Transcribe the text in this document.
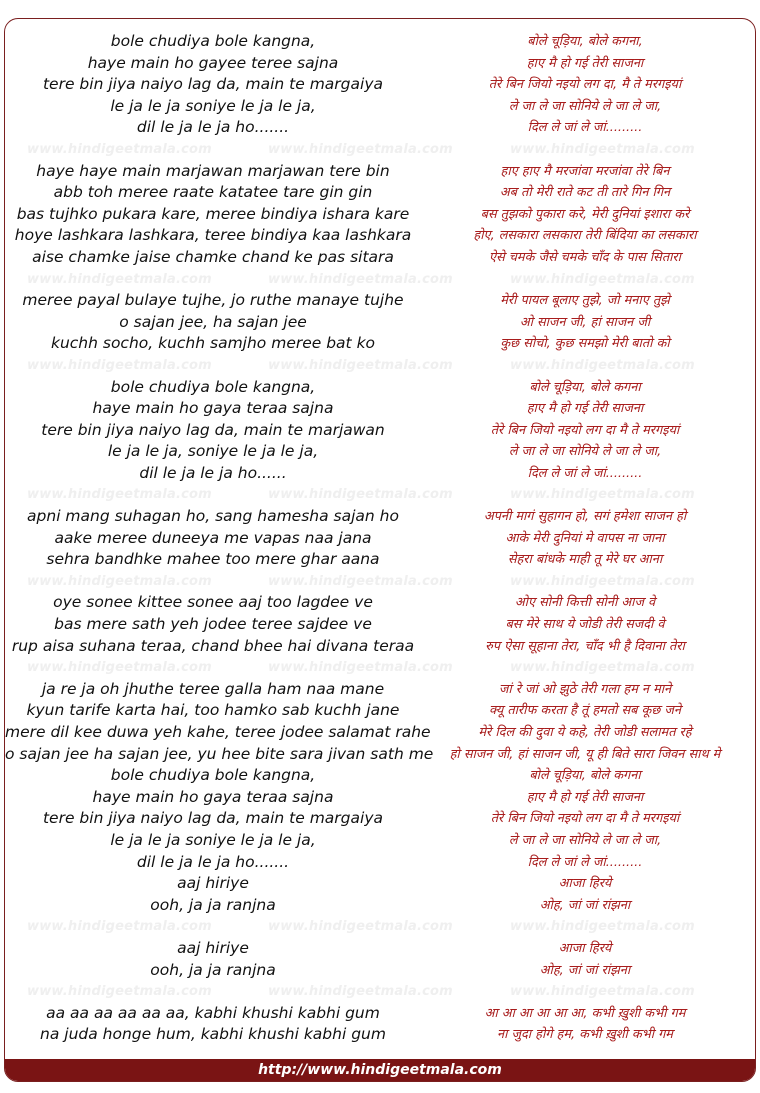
bole chudiya bole kangna,	बोले चूड़िया, बोले कगना,
haye main ho gayee teree sajna	हाए मै हो गई तेरी साजना
tere bin jiya naiyo lag da, main te margaiya	तेरे बिन जियो नइयो लग दा, मै ते मरगइयां
le ja le ja soniye le ja le ja,	ले जा ले जा सोनिये ले जा ले जा,
dil le ja le ja ho.......	दिल ले जां ले जां.........
www.hindigeetmala.com	www.hindigeetmala.com	www.hindigeetmala.com
haye haye main marjawan marjawan tere bin	हाए हाए मै मरजांवा मरजांवा तेरे बिन
abb toh meree raate katatee tare gin gin	अब तो मेरी राते कट ती तारे गिन गिन
bas tujhko pukara kare, meree bindiya ishara kare	बस तुझको पुकारा करे, मेरी दुनियां इशारा करे
hoye lashkara lashkara, teree bindiya kaa lashkara	होए, लसकारा लसकारा तेरी बिंदिया का लसकारा
aise chamke jaise chamke chand ke pas sitara	ऐसे चमके जैसे चमके चाँद के पास सितारा
www.hindigeetmala.com	www.hindigeetmala.com	www.hindigeetmala.com
meree payal bulaye tujhe, jo ruthe manaye tujhe	मेरी पायल बूलाए तुझे, जो मनाए तुझे
o sajan jee, ha sajan jee	ओ साजन जी, हां साजन जी
kuchh socho, kuchh samjho meree bat ko	कुछ सोचो, कुछ समझो मेरी बातो को
www.hindigeetmala.com	www.hindigeetmala.com	www.hindigeetmala.com
bole chudiya bole kangna,	बोले चूड़िया, बोले कगना
haye main ho gaya teraa sajna	हाए मै हो गई तेरी साजना
tere bin jiya naiyo lag da, main te marjawan	तेरे बिन जियो नइयो लग दा मै ते मरगइयां
le ja le ja, soniye le ja le ja,	ले जा ले जा सोनिये ले जा ले जा,
dil le ja le ja ho......	दिल ले जां ले जां.........
www.hindigeetmala.com	www.hindigeetmala.com	www.hindigeetmala.com
apni mang suhagan ho, sang hamesha sajan ho	अपनी मागं सुहागन हो, सगं हमेशा साजन हो
aake meree duneeya me vapas naa jana	आके मेरी दुनियां मे वापस ना जाना
sehra bandhke mahee too mere ghar aana	सेहरा बांधके माही तू मेरे घर आना
www.hindigeetmala.com	www.hindigeetmala.com	www.hindigeetmala.com
oye sonee kittee sonee aaj too lagdee ve	ओए सोनी कित्ती सोनी आज वे
bas mere sath yeh jodee teree sajdee ve	बस मेरे साथ ये जोडी तेरी सजदी वे
rup aisa suhana teraa, chand bhee hai divana teraa	रुप ऐसा सूहाना तेरा, चाँद भी है दिवाना तेरा
www.hindigeetmala.com	www.hindigeetmala.com	www.hindigeetmala.com
ja re ja oh jhuthe teree galla ham naa mane	जां रे जां ओ झुठे तेरी गला हम न माने
kyun tarife karta hai, too hamko sab kuchh jane	क्यू तारीफ करता है तूं हमतो सब कूछ जने
mere dil kee duwa yeh kahe, teree jodee salamat rahe	मेरे दिल की दुवा ये कहे, तेरी जोडी सलामत रहे
o sajan jee ha sajan jee, yu hee bite sara jivan sath me	हो साजन जी, हां साजन जी, यू ही बिते सारा जिवन साथ मे
bole chudiya bole kangna,	बोले चूड़िया, बोले कगना
haye main ho gaya teraa sajna	हाए मै हो गई तेरी साजना
tere bin jiya naiyo lag da, main te margaiya	तेरे बिन जियो नइयो लग दा मै ते मरगइयां
le ja le ja soniye le ja le ja,	ले जा ले जा सोनिये ले जा ले जा,
dil le ja le ja ho.......	दिल ले जां ले जां.........
aaj hiriye	आजा हिरये
ooh, ja ja ranjna	ओह, जां जां रांझना
www.hindigeetmala.com	www.hindigeetmala.com	www.hindigeetmala.com
aaj hiriye	आजा हिरये
ooh, ja ja ranjna	ओह, जां जां रांझना
www.hindigeetmala.com	www.hindigeetmala.com	www.hindigeetmala.com
aa aa aa aa aa aa, kabhi khushi kabhi gum	आ आ आ आ आ आ, कभी ख़ुशी कभी गम
na juda honge hum, kabhi khushi kabhi gum	ना जुदा होगे हम, कभी ख़ुशी कभी गम
http://www.hindigeetmala.com
